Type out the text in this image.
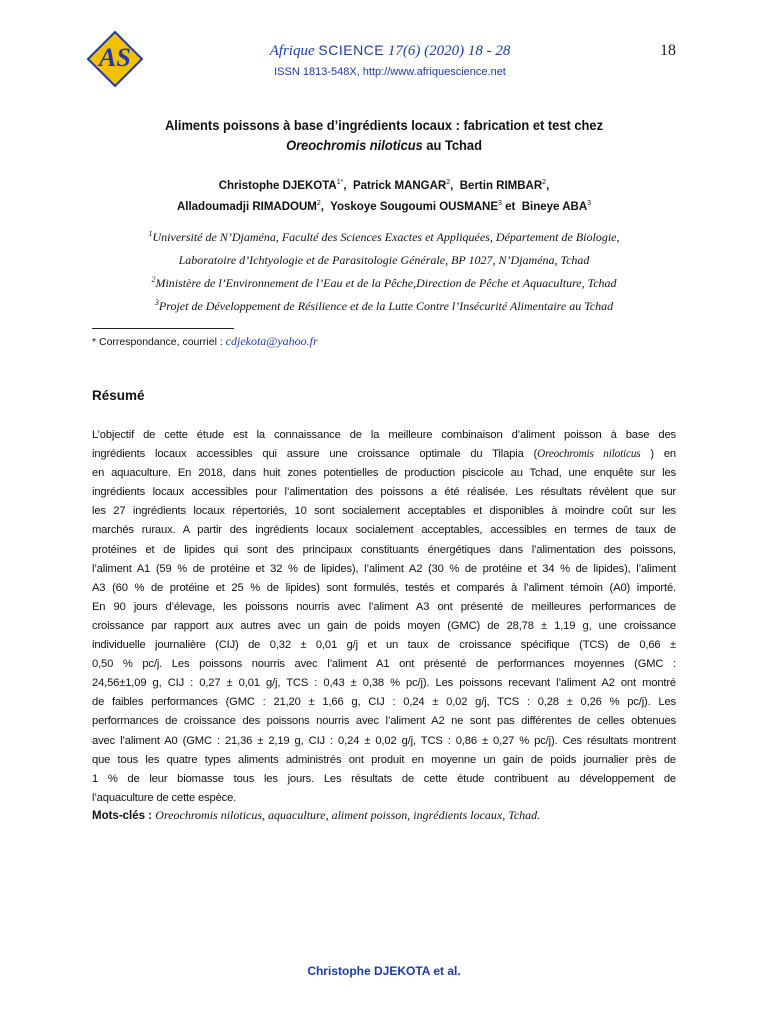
AS	Afrique SCIENCE 17(6) (2020) 18 - 28	18
ISSN 1813-548X, http://www.afriquescience.net
Aliments poissons à base d’ingrédients locaux : fabrication et test chez
Oreochromis niloticus au Tchad
Christophe $DJEKOTA^{1*}$,  Patrick MANGAR$^2$,  Bertin RIMBAR$^2$,
Alladoumadji RIMADOUM$^2$,  Yoskoye Sougoumi OUSMANE$^3$ et  Bineye ABA$^3$
$^1$Université de N’Djaména, Faculté des Sciences Exactes et Appliquées, Département de Biologie,
Laboratoire d’Ichtyologie et de Parasitologie Générale, BP 1027, N’Djaména, Tchad
$^2$Ministère de l’Environnement de l’Eau et de la Pêche,Direction de Pêche et Aquaculture, Tchad
$^3$Projet de Développement de Résilience et de la Lutte Contre l’Insécurité Alimentaire au Tchad
* Correspondance, courriel : cdjekota@yahoo.fr
Résumé
L’objectif de cette étude est la connaissance de la meilleure combinaison d’aliment poisson à base des
ingrédients locaux accessibles qui assure une croissance optimale du Tilapia (Oreochromis niloticus ) en
en aquaculture. En 2018, dans huit zones potentielles de production piscicole au Tchad, une enquête sur les
ingrédients locaux accessibles pour l’alimentation des poissons a été réalisée. Les résultats révèlent que sur
les 27 ingrédients locaux répertoriés, 10 sont socialement acceptables et disponibles à moindre coût sur les
marchés ruraux. A partir des ingrédients locaux socialement acceptables, accessibles en termes de taux de
protéines et de lipides qui sont des principaux constituants énergétiques dans l’alimentation des poissons,
l’aliment A1 (59 % de protéine et 32 % de lipides), l’aliment A2 (30 % de protéine et 34 % de lipides), l’aliment
A3 (60 % de protéine et 25 % de lipides) sont formulés, testés et comparés à l’aliment témoin (A0) importé.
En 90 jours d’élevage, les poissons nourris avec l’aliment A3 ont présenté de meilleures performances de
croissance par rapport aux autres avec un gain de poids moyen (GMC) de 28,78 ± 1,19 g, une croissance
individuelle journalière (CIJ) de 0,32 ± 0,01 g/j et un taux de croissance spécifique (TCS) de 0,66 ±
0,50 % pc/j. Les poissons nourris avec l’aliment A1 ont présenté de performances moyennes (GMC :
24,56±1,09 g, CIJ : 0,27 ± 0,01 g/j, TCS : 0,43 ± 0,38 % pc/j). Les poissons recevant l’aliment A2 ont montré
de faibles performances (GMC : 21,20 ± 1,66 g, CIJ : 0,24 ± 0,02 g/j, TCS : 0,28 ± 0,26 % pc/j). Les
performances de croissance des poissons nourris avec l’aliment A2 ne sont pas différentes de celles obtenues
avec l’aliment A0 (GMC : 21,36 ± 2,19 g, CIJ : 0,24 ± 0,02 g/j, TCS : 0,86 ± 0,27 % pc/j). Ces résultats montrent
que tous les quatre types aliments administrés ont produit en moyenne un gain de poids journalier près de
1 % de leur biomasse tous les jours. Les résultats de cette étude contribuent au développement de
l’aquaculture de cette espèce.
Mots-clés : Oreochromis niloticus, aquaculture, aliment poisson, ingrédients locaux, Tchad.
Christophe DJEKOTA et al.
